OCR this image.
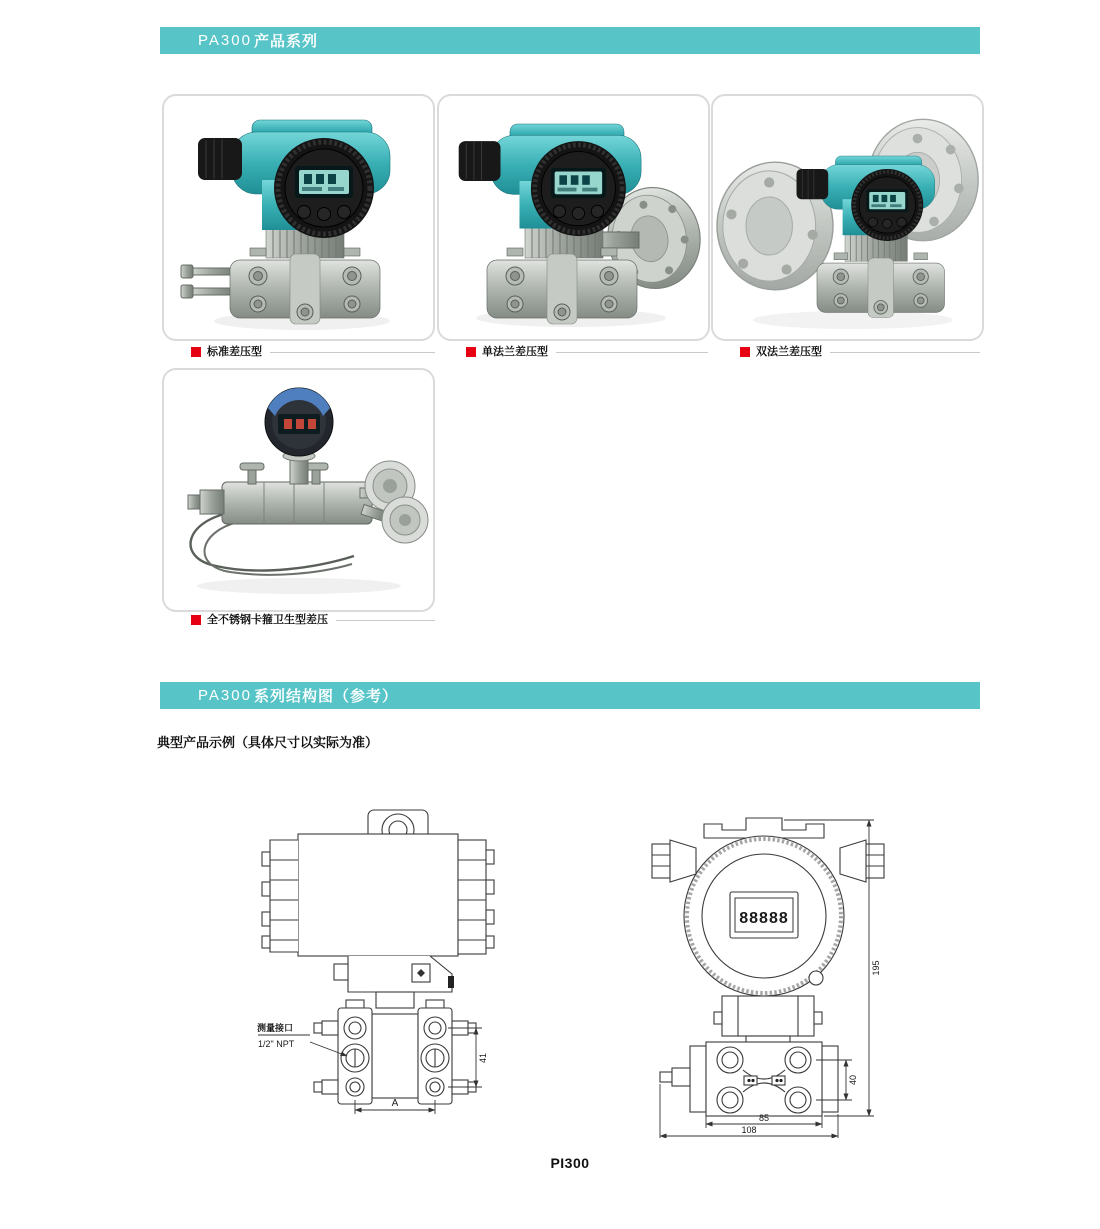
PA300 产品系列
标准差压型	单法兰差压型	双法兰差压型
全不锈钢卡箍卫生型差压
PA300 系列结构图（参考）
典型产品示例（具体尺寸以实际为准）
测量接口
1/2" NPT
A
41
88888
40
195
85
108
PI300
